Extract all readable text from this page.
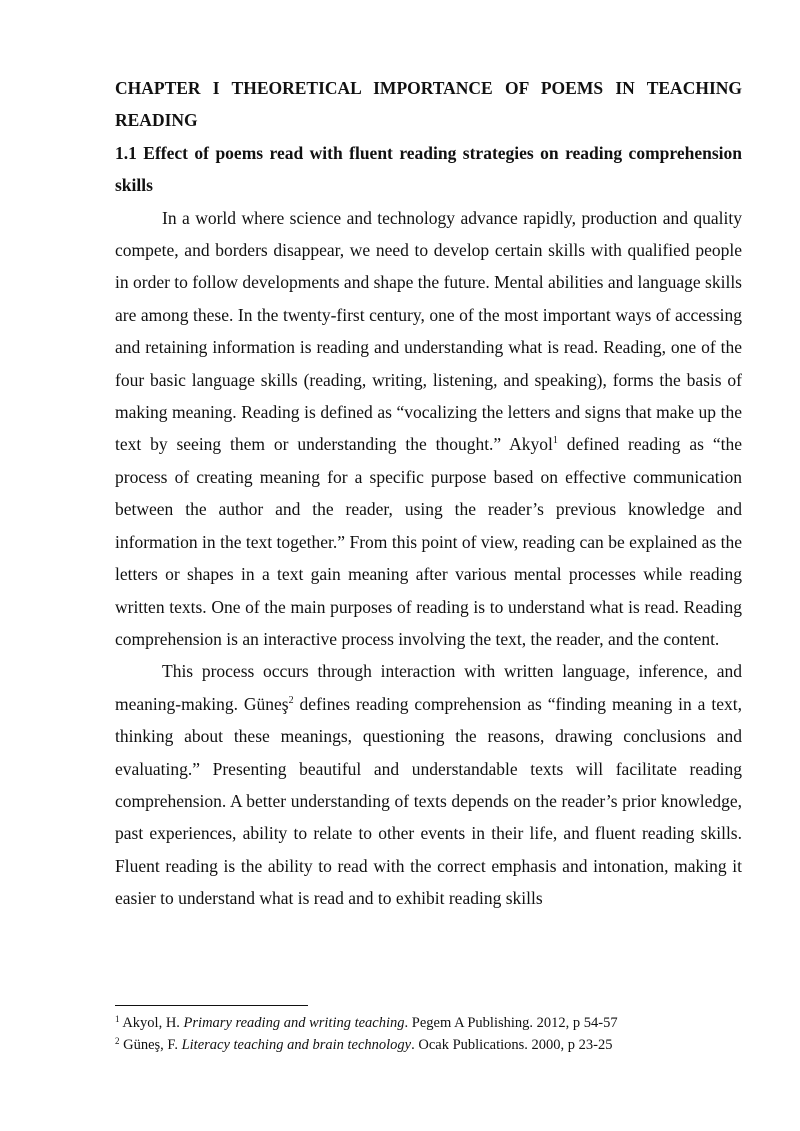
CHAPTER I THEORETICAL IMPORTANCE OF POEMS IN TEACHING READING
1.1 Effect of poems read with fluent reading strategies on reading comprehension skills

In a world where science and technology advance rapidly, production and quality compete, and borders disappear, we need to develop certain skills with qualified people in order to follow developments and shape the future. Mental abilities and language skills are among these. In the twenty-first century, one of the most important ways of accessing and retaining information is reading and understanding what is read. Reading, one of the four basic language skills (reading, writing, listening, and speaking), forms the basis of making meaning. Reading is defined as “vocalizing the letters and signs that make up the text by seeing them or understanding the thought.” Akyol$^1$ defined reading as “the process of creating meaning for a specific purpose based on effective communication between the author and the reader, using the reader’s previous knowledge and information in the text together.” From this point of view, reading can be explained as the letters or shapes in a text gain meaning after various mental processes while reading written texts. One of the main purposes of reading is to understand what is read. Reading comprehension is an interactive process involving the text, the reader, and the content.

This process occurs through interaction with written language, inference, and meaning-making. Güneş$^2$ defines reading comprehension as “finding meaning in a text, thinking about these meanings, questioning the reasons, drawing conclusions and evaluating.” Presenting beautiful and understandable texts will facilitate reading comprehension. A better understanding of texts depends on the reader’s prior knowledge, past experiences, ability to relate to other events in their life, and fluent reading skills. Fluent reading is the ability to read with the correct emphasis and intonation, making it easier to understand what is read and to exhibit reading skills

$^1$ Akyol, H. Primary reading and writing teaching. Pegem A Publishing. 2012, p 54-57

$^2$ Güneş, F. Literacy teaching and brain technology. Ocak Publications. 2000, p 23-25
